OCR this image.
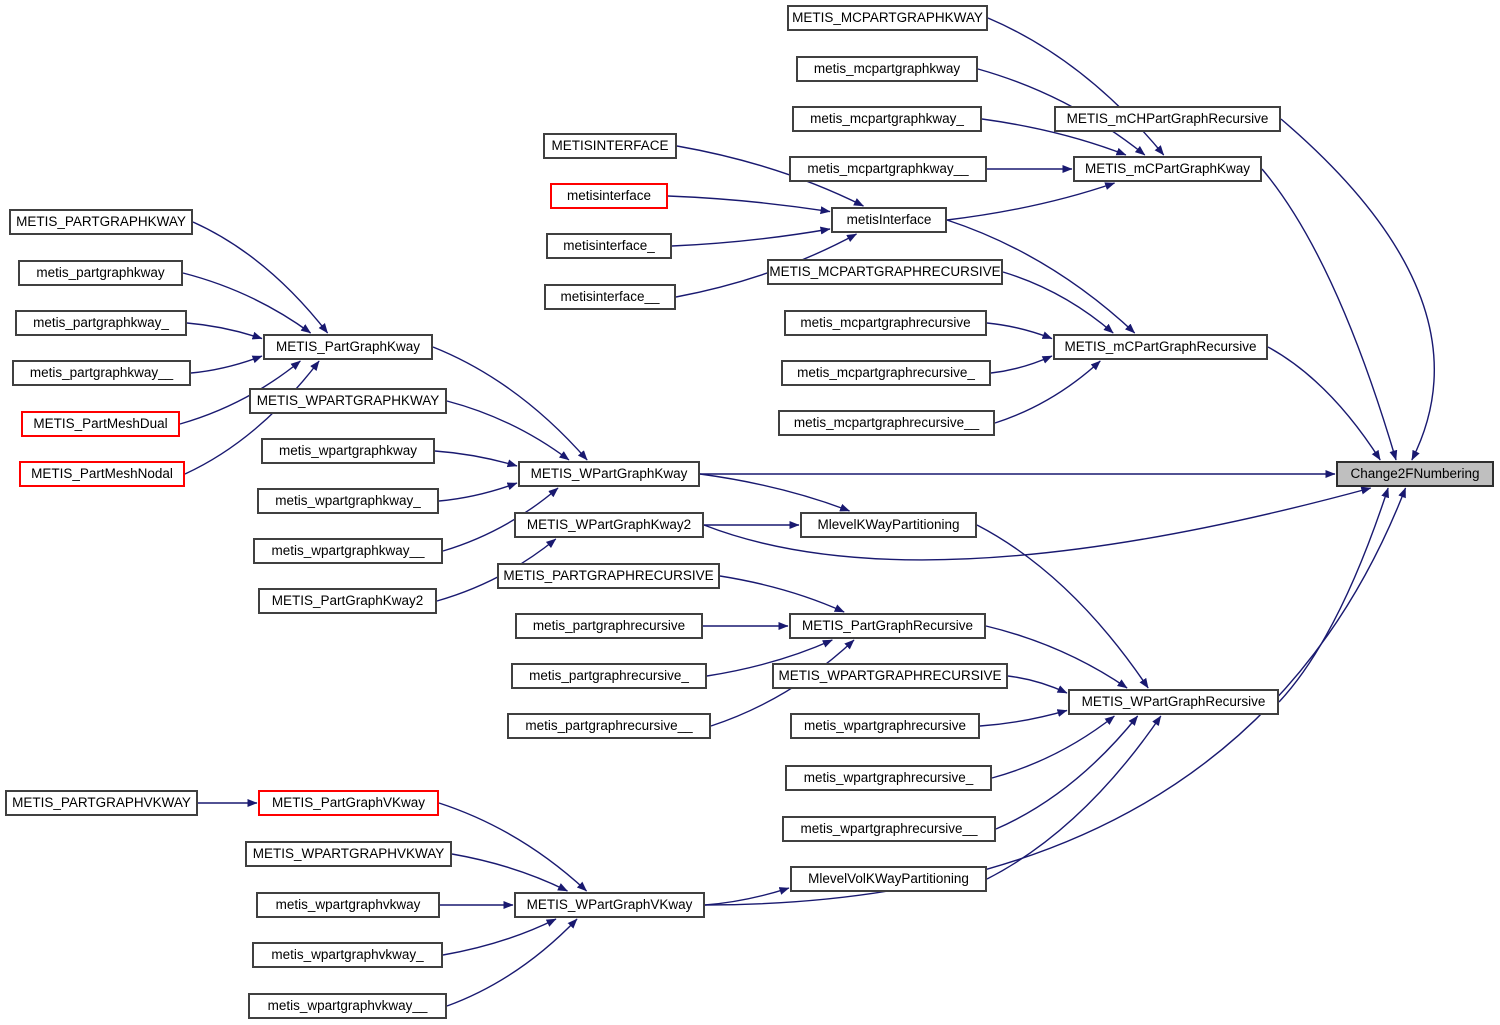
METIS_MCPARTGRAPHKWAY
metis_mcpartgraphkway
metis_mcpartgraphkway_
metis_mcpartgraphkway__
METIS_mCHPartGraphRecursive
METIS_mCPartGraphKway
METISINTERFACE
metisinterface
metisinterface_
metisinterface__
metisInterface
METIS_MCPARTGRAPHRECURSIVE
metis_mcpartgraphrecursive
metis_mcpartgraphrecursive_
metis_mcpartgraphrecursive__
METIS_mCPartGraphRecursive
METIS_PARTGRAPHKWAY
metis_partgraphkway
metis_partgraphkway_
metis_partgraphkway__
METIS_PartMeshDual
METIS_PartMeshNodal
METIS_PartGraphKway
METIS_WPARTGRAPHKWAY
metis_wpartgraphkway
metis_wpartgraphkway_
metis_wpartgraphkway__
METIS_PartGraphKway2
METIS_WPartGraphKway
METIS_WPartGraphKway2
METIS_PARTGRAPHRECURSIVE
metis_partgraphrecursive
metis_partgraphrecursive_
metis_partgraphrecursive__
METIS_PartGraphRecursive
METIS_WPARTGRAPHRECURSIVE
metis_wpartgraphrecursive
metis_wpartgraphrecursive_
metis_wpartgraphrecursive__
MlevelVolKWayPartitioning
METIS_WPartGraphVKway
METIS_PARTGRAPHVKWAY	METIS_PartGraphVKway
METIS_WPARTGRAPHVKWAY
metis_wpartgraphvkway
metis_wpartgraphvkway_
metis_wpartgraphvkway__
MlevelKWayPartitioning
METIS_WPartGraphRecursive
Change2FNumbering
